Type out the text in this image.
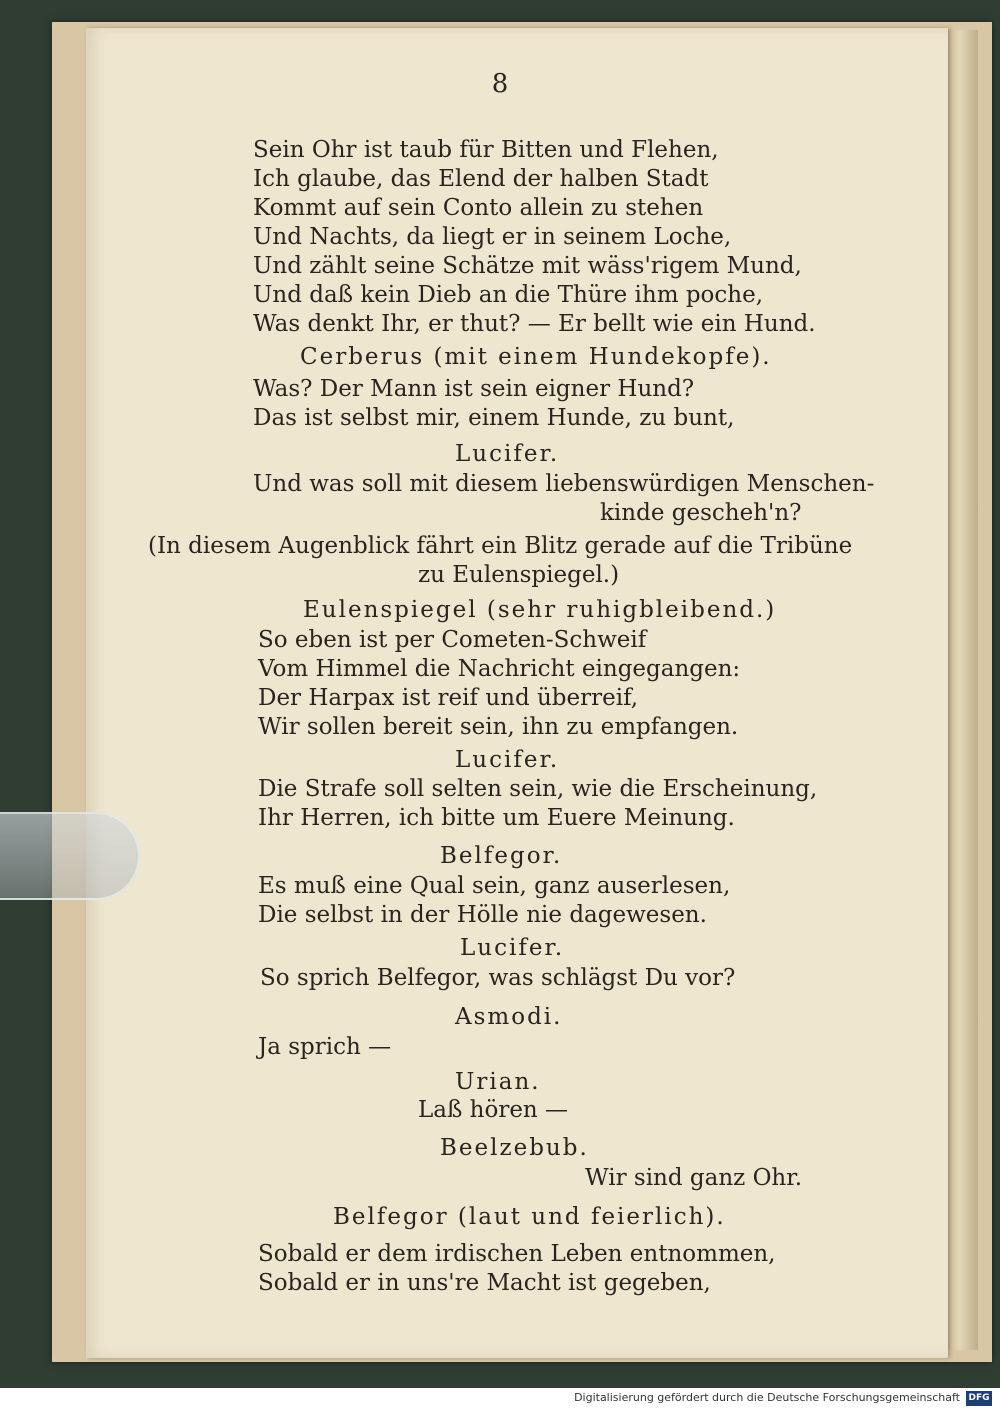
8
Sein Ohr ist taub für Bitten und Flehen,
Ich glaube, das Elend der halben Stadt
Kommt auf sein Conto allein zu stehen
Und Nachts, da liegt er in seinem Loche,
Und zählt seine Schätze mit wäss'rigem Mund,
Und daß kein Dieb an die Thüre ihm poche,
Was denkt Ihr, er thut? — Er bellt wie ein Hund.
Cerberus (mit einem Hundekopfe).
Was? Der Mann ist sein eigner Hund?
Das ist selbst mir, einem Hunde, zu bunt,
Lucifer.
Und was soll mit diesem liebenswürdigen Menschen-
kinde gescheh'n?
(In diesem Augenblick fährt ein Blitz gerade auf die Tribüne
zu Eulenspiegel.)
Eulenspiegel (sehr ruhigbleibend.)
So eben ist per Cometen-Schweif
Vom Himmel die Nachricht eingegangen:
Der Harpax ist reif und überreif,
Wir sollen bereit sein, ihn zu empfangen.
Lucifer.
Die Strafe soll selten sein, wie die Erscheinung,
Ihr Herren, ich bitte um Euere Meinung.
Belfegor.
Es muß eine Qual sein, ganz auserlesen,
Die selbst in der Hölle nie dagewesen.
Lucifer.
So sprich Belfegor, was schlägst Du vor?
Asmodi.
Ja sprich —
Urian.
Laß hören —
Beelzebub.
Wir sind ganz Ohr.
Belfegor (laut und feierlich).
Sobald er dem irdischen Leben entnommen,
Sobald er in uns're Macht ist gegeben,
Digitalisierung gefördert durch die Deutsche Forschungsgemeinschaft DFG
